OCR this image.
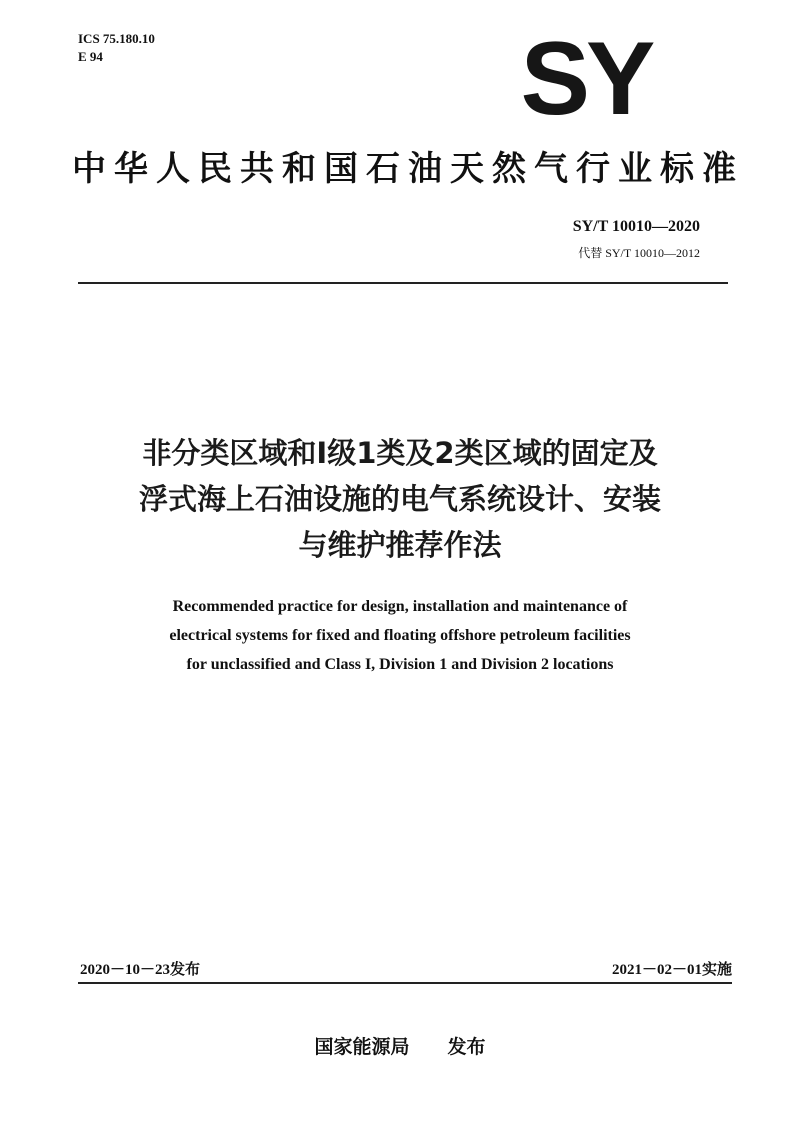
ICS 75.180.10
E 94	SY
中华人民共和国石油天然气行业标准
SY/T 10010—2020
代替 SY/T 10010—2012
非分类区域和Ⅰ级1类及2类区域的固定及
浮式海上石油设施的电气系统设计、安装
与维护推荐作法
Recommended practice for design, installation and maintenance of
electrical systems for fixed and floating offshore petroleum facilities
for unclassified and Class I, Division 1 and Division 2 locations
2020－10－23发布	2021－02－01实施
国家能源局 发布
